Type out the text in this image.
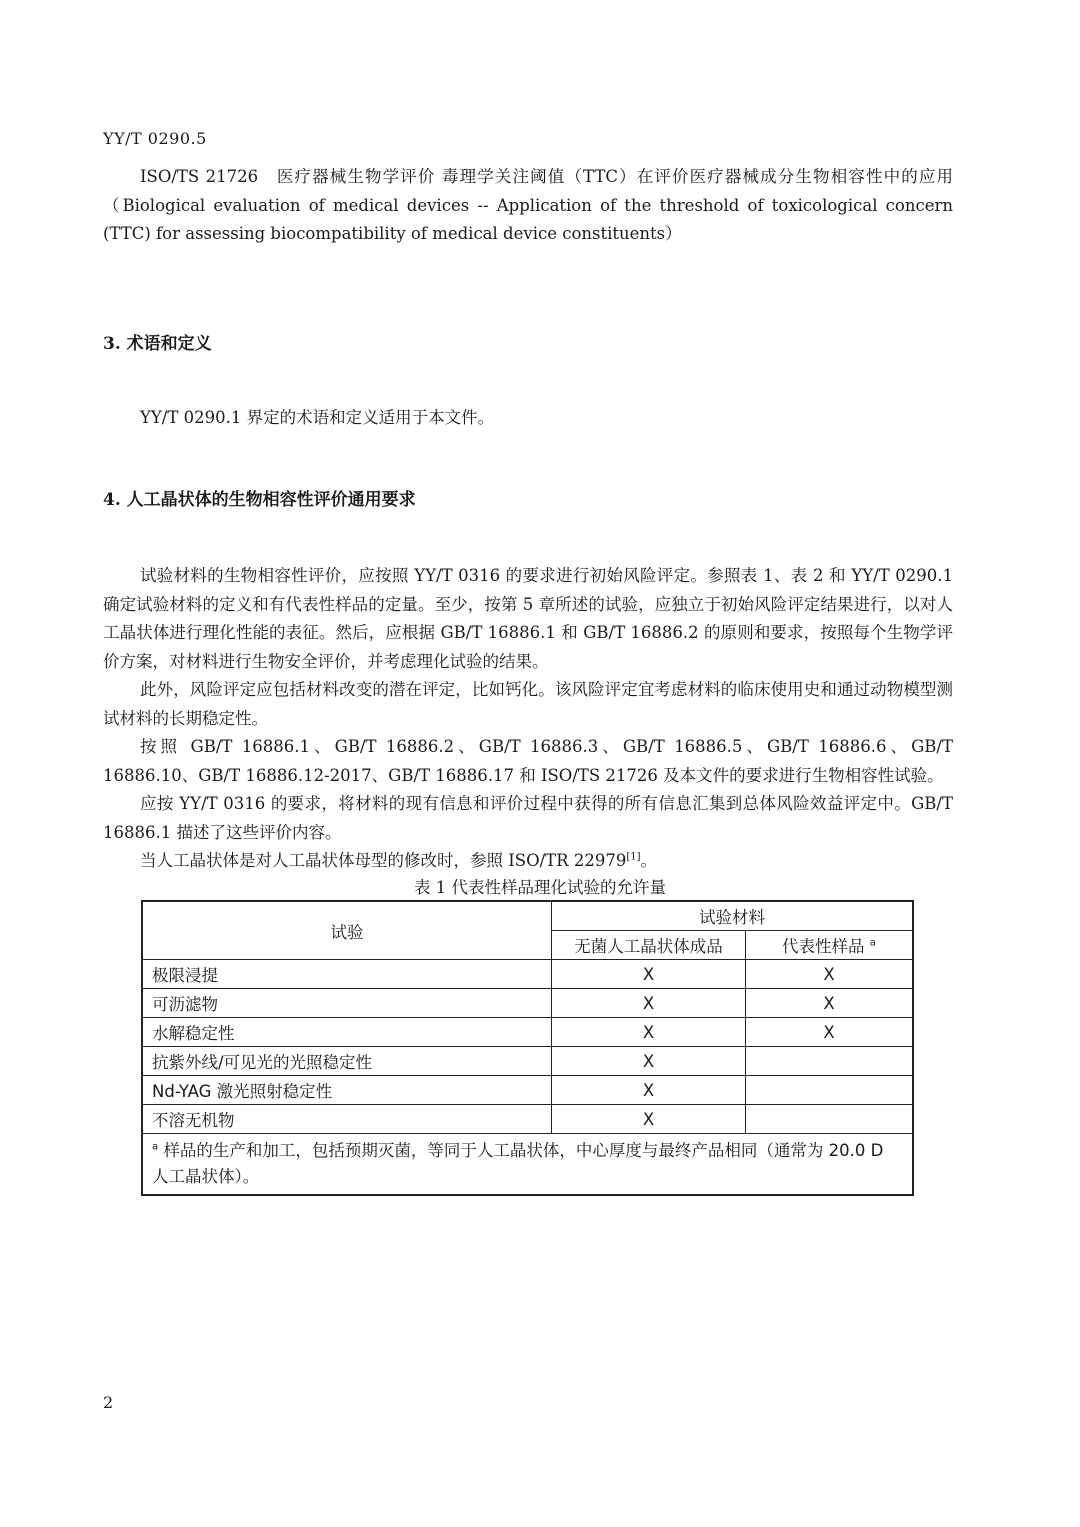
YY/T 0290.5

ISO/TS 21726　医疗器械生物学评价 毒理学关注阈值（TTC）在评价医疗器械成分生物相容性中的应用（Biological evaluation of medical devices -- Application of the threshold of toxicological concern (TTC) for assessing biocompatibility of medical device constituents）

3. 术语和定义

YY/T 0290.1 界定的术语和定义适用于本文件。

4. 人工晶状体的生物相容性评价通用要求

试验材料的生物相容性评价，应按照 YY/T 0316 的要求进行初始风险评定。参照表 1、表 2 和 YY/T 0290.1 确定试验材料的定义和有代表性样品的定量。至少，按第 5 章所述的试验，应独立于初始风险评定结果进行，以对人工晶状体进行理化性能的表征。然后，应根据 GB/T 16886.1 和 GB/T 16886.2 的原则和要求，按照每个生物学评价方案，对材料进行生物安全评价，并考虑理化试验的结果。

此外，风险评定应包括材料改变的潜在评定，比如钙化。该风险评定宜考虑材料的临床使用史和通过动物模型测试材料的长期稳定性。

按照 GB/T 16886.1、GB/T 16886.2、GB/T 16886.3、GB/T 16886.5、GB/T 16886.6、GB/T 16886.10、GB/T 16886.12-2017、GB/T 16886.17 和 ISO/TS 21726 及本文件的要求进行生物相容性试验。

应按 YY/T 0316 的要求，将材料的现有信息和评价过程中获得的所有信息汇集到总体风险效益评定中。GB/T 16886.1 描述了这些评价内容。

当人工晶状体是对人工晶状体母型的修改时，参照 ISO/TR 22979[1]。

表 1 代表性样品理化试验的允许量
试验	试验材料	
	无菌人工晶状体成品	代表性样品 $^a$
极限浸提	X	X
可沥滤物	X	X
水解稳定性	X	X
抗紫外线/可见光的光照稳定性	X	
Nd-YAG 激光照射稳定性	X	
不溶无机物	X	
$^a$ 样品的生产和加工，包括预期灭菌，等同于人工晶状体，中心厚度与最终产品相同（通常为 20.0 D 人工晶状体）。		
2
